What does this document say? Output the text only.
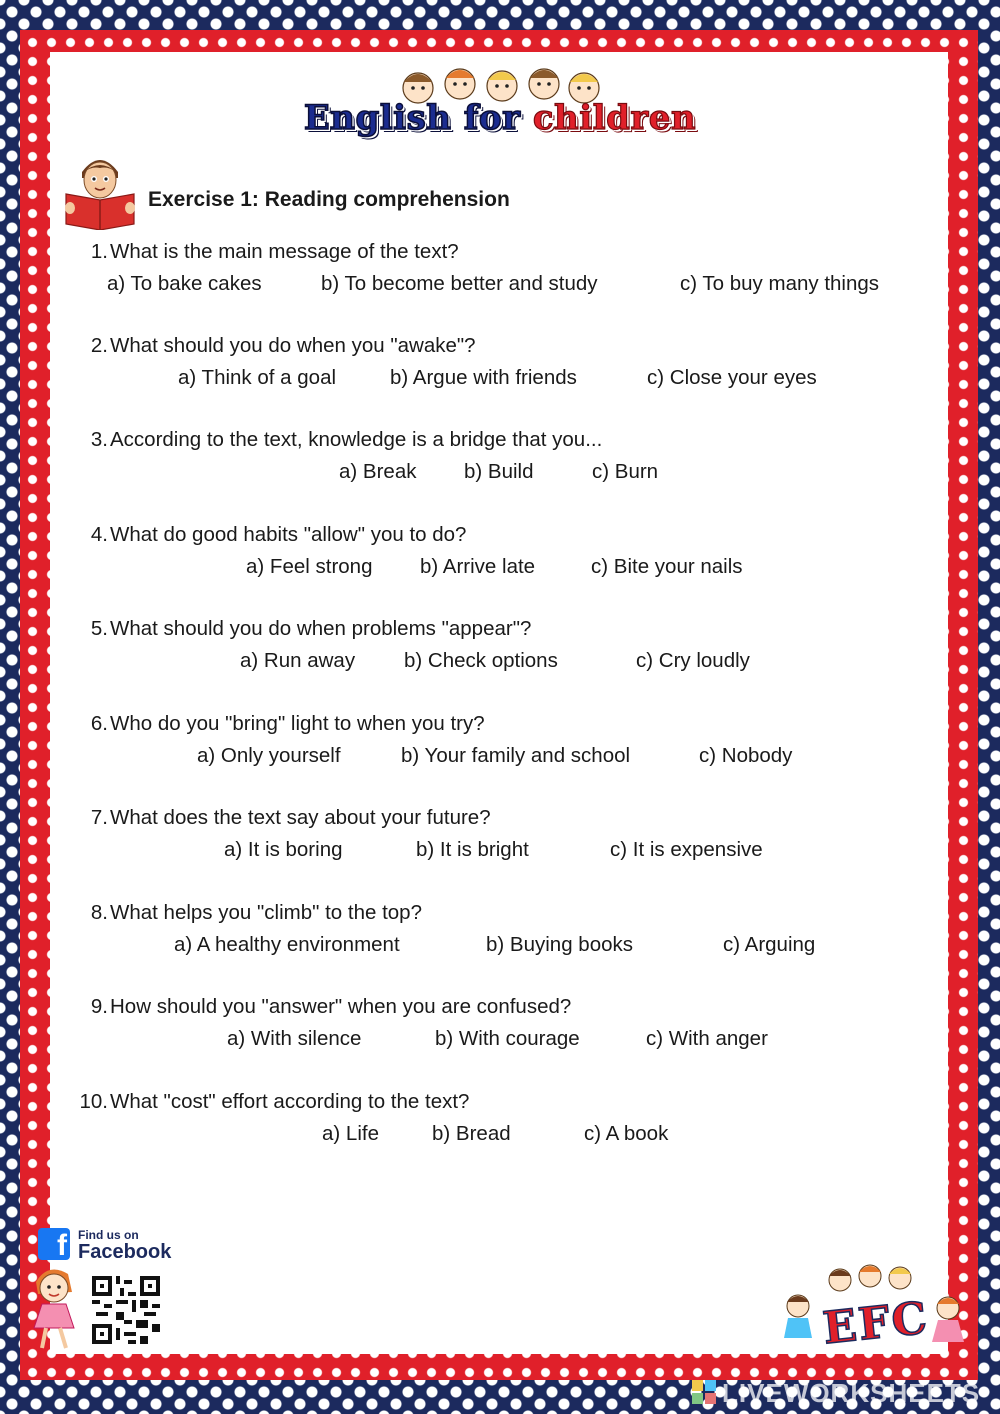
English for children
Exercise 1: Reading comprehension
1. What is the main message of the text?
a) To bake cakes	b) To become better and study	c) To buy many things
2. What should you do when you "awake"?
a) Think of a goal	b) Argue with friends	c) Close your eyes
3. According to the text, knowledge is a bridge that you...
a) Break b) Build	c) Burn
4. What do good habits "allow" you to do?
a) Feel strong b) Arrive late	c) Bite your nails
5. What should you do when problems "appear"?
a) Run away b) Check options	c) Cry loudly
6. Who do you "bring" light to when you try?
a) Only yourself	b) Your family and school	c) Nobody
7. What does the text say about your future?
a) It is boring	b) It is bright	c) It is expensive
8. What helps you "climb" to the top?
a) A healthy environment	b) Buying books	c) Arguing
9. How should you "answer" when you are confused?
a) With silence	b) With courage	c) With anger
10. What "cost" effort according to the text?
a) Life	b) Bread	c) A book
f Find us on
Facebook
EFC
LIVEWORKSHEETS
